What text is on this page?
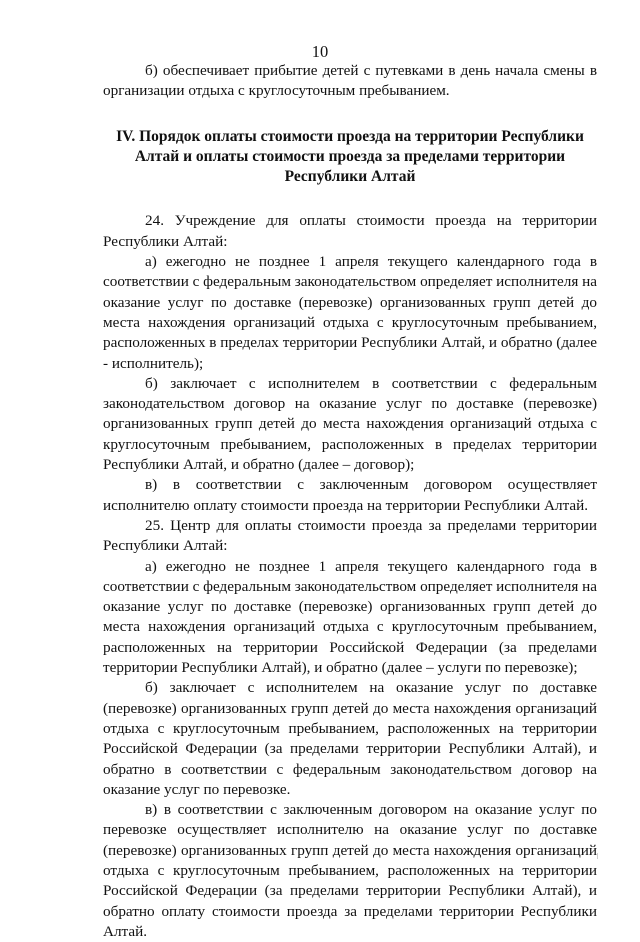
10

б) обеспечивает прибытие детей с путевками в день начала смены в организации отдыха с круглосуточным пребыванием.

IV. Порядок оплаты стоимости проезда на территории Республики Алтай и оплаты стоимости проезда за пределами территории Республики Алтай

24. Учреждение для оплаты стоимости проезда на территории Республики Алтай:

а) ежегодно не позднее 1 апреля текущего календарного года в соответствии с федеральным законодательством определяет исполнителя на оказание услуг по доставке (перевозке) организованных групп детей до места нахождения организаций отдыха с круглосуточным пребыванием, расположенных в пределах территории Республики Алтай, и обратно (далее - исполнитель);

б) заключает с исполнителем в соответствии с федеральным законодательством договор на оказание услуг по доставке (перевозке) организованных групп детей до места нахождения организаций отдыха с круглосуточным пребыванием, расположенных в пределах территории Республики Алтай, и обратно (далее – договор);

в) в соответствии с заключенным договором осуществляет исполнителю оплату стоимости проезда на территории Республики Алтай.

25. Центр для оплаты стоимости проезда за пределами территории Республики Алтай:

а) ежегодно не позднее 1 апреля текущего календарного года в соответствии с федеральным законодательством определяет исполнителя на оказание услуг по доставке (перевозке) организованных групп детей до места нахождения организаций отдыха с круглосуточным пребыванием, расположенных на территории Российской Федерации (за пределами территории Республики Алтай), и обратно (далее – услуги по перевозке);

б) заключает с исполнителем на оказание услуг по доставке (перевозке) организованных групп детей до места нахождения организаций отдыха с круглосуточным пребыванием, расположенных на территории Российской Федерации (за пределами территории Республики Алтай), и обратно в соответствии с федеральным законодательством договор на оказание услуг по перевозке.

в) в соответствии с заключенным договором на оказание услуг по перевозке осуществляет исполнителю на оказание услуг по доставке (перевозке) организованных групп детей до места нахождения организаций отдыха с круглосуточным пребыванием, расположенных на территории Российской Федерации (за пределами территории Республики Алтай), и обратно оплату стоимости проезда за пределами территории Республики Алтай.
